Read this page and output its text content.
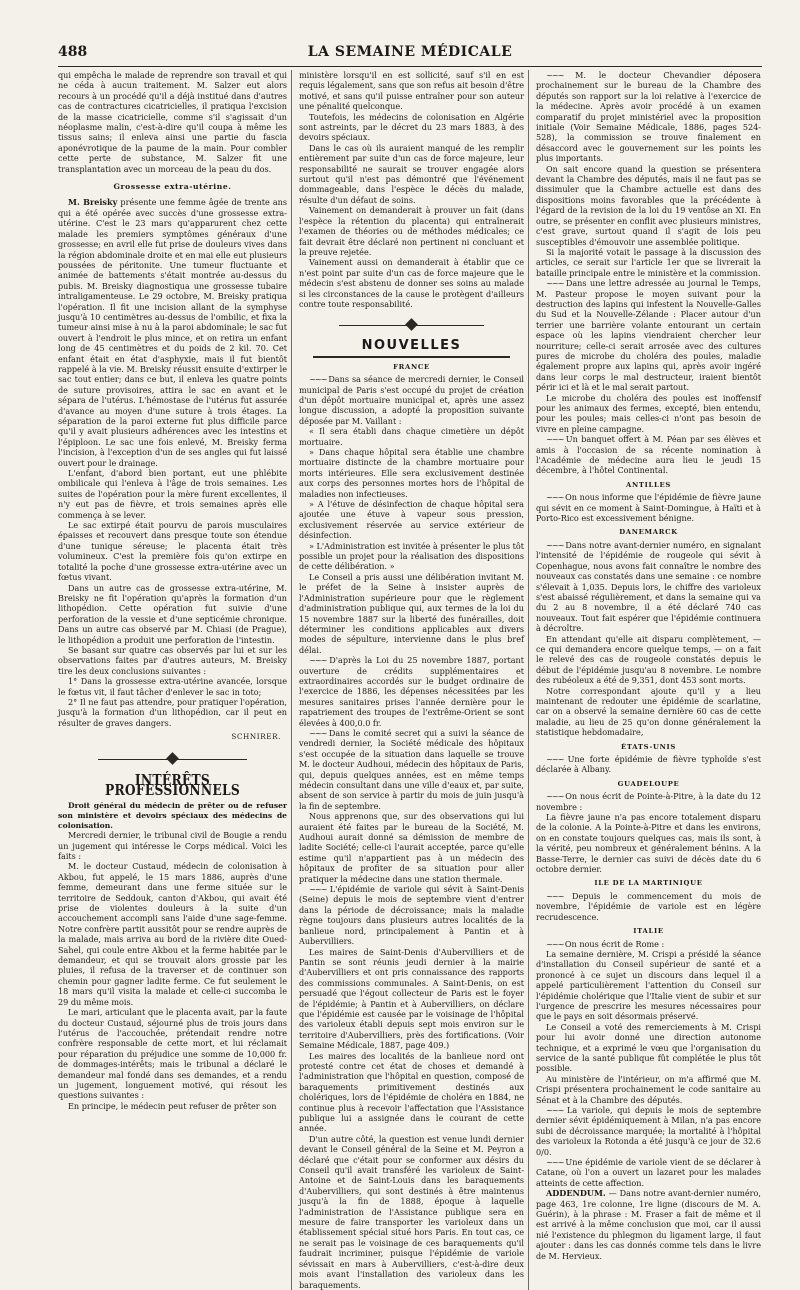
488	LA SEMAINE MÉDICALE

qui empêcha le malade de reprendre son travail et qui ne céda à aucun traitement. M. Salzer eut alors recours à un procédé qu'il a déjà institué dans d'autres cas de contractures cicatricielles, il pratiqua l'excision de la masse cicatricielle, comme s'il s'agissait d'un néoplasme malin, c'est-à-dire qu'il coupa à même les tissus sains; il enleva ainsi une partie du fascia aponévrotique de la paume de la main. Pour combler cette perte de substance, M. Salzer fit une transplantation avec un morceau de la peau du dos.

Grossesse extra-utérine.

M. Breisky présente une femme âgée de trente ans qui a été opérée avec succès d'une grossesse extra-utérine. C'est le 23 mars qu'apparurent chez cette malade les premiers symptômes généraux d'une grossesse; en avril elle fut prise de douleurs vives dans la région abdominale droite et en mai elle eut plusieurs poussées de péritonite. Une tumeur fluctuante et animée de battements s'était montrée au-dessus du pubis. M. Breisky diagnostiqua une grossesse tubaire intraligamenteuse. Le 29 octobre, M. Breisky pratiqua l'opération. Il fit une incision allant de la symphyse jusqu'à 10 centimètres au-dessus de l'ombilic, et fixa la tumeur ainsi mise à nu à la paroi abdominale; le sac fut ouvert à l'endroit le plus mince, et on retira un enfant long de 45 centimètres et du poids de 2 kil. 70. Cet enfant était en état d'asphyxie, mais il fut bientôt rappelé à la vie. M. Breisky réussit ensuite d'extirper le sac tout entier; dans ce but, il enleva les quatre points de suture provisoires, attira le sac en avant et le sépara de l'utérus. L'hémostase de l'utérus fut assurée d'avance au moyen d'une suture à trois étages. La séparation de la paroi externe fut plus difficile parce qu'il y avait plusieurs adhérences avec les intestins et l'épiploon. Le sac une fois enlevé, M. Breisky ferma l'incision, à l'exception d'un de ses angles qui fut laissé ouvert pour le drainage.

L'enfant, d'abord bien portant, eut une phlébite ombilicale qui l'enleva à l'âge de trois semaines. Les suites de l'opération pour la mère furent excellentes, il n'y eut pas de fièvre, et trois semaines après elle commença à se lever.

Le sac extirpé était pourvu de parois musculaires épaisses et recouvert dans presque toute son étendue d'une tunique séreuse; le placenta était très volumineux. C'est la première fois qu'on extirpe en totalité la poche d'une grossesse extra-utérine avec un fœtus vivant.

Dans un autre cas de grossesse extra-utérine, M. Breisky ne fit l'opération qu'après la formation d'un lithopédion. Cette opération fut suivie d'une perforation de la vessie et d'une septicémie chronique. Dans un autre cas observé par M. Chiasi (de Prague), le lithopédion a produit une perforation de l'intestin.

Se basant sur quatre cas observés par lui et sur les observations faites par d'autres auteurs, M. Breisky tire les deux conclusions suivantes :

1° Dans la grossesse extra-utérine avancée, lorsque le fœtus vit, il faut tâcher d'enlever le sac in toto;

2° Il ne faut pas attendre, pour pratiquer l'opération, jusqu'à la formation d'un lithopédion, car il peut en résulter de graves dangers.

SCHNIRER.
INTÉRÊTS PROFESSIONNELS

Droit général du médecin de prêter ou de refuser son ministère et devoirs spéciaux des médecins de colonisation.

Mercredi dernier, le tribunal civil de Bougie a rendu un jugement qui intéresse le Corps médical. Voici les faits :

M. le docteur Custaud, médecin de colonisation à Akbou, fut appelé, le 15 mars 1886, auprès d'une femme, demeurant dans une ferme située sur le territoire de Seddouk, canton d'Akbou, qui avait été prise de violentes douleurs à la suite d'un accouchement accompli sans l'aide d'une sage-femme. Notre confrère partit aussitôt pour se rendre auprès de la malade, mais arriva au bord de la rivière dite Oued-Sahel, qui coule entre Akbou et la ferme habitée par le demandeur, et qui se trouvait alors grossie par les pluies, il refusa de la traverser et de continuer son chemin pour gagner ladite ferme. Ce fut seulement le 18 mars qu'il visita la malade et celle-ci succomba le 29 du même mois.

Le mari, articulant que le placenta avait, par la faute du docteur Custaud, séjourné plus de trois jours dans l'utérus de l'accouchée, prétendait rendre notre confrère responsable de cette mort, et lui réclamait pour réparation du préjudice une somme de 10,000 fr. de dommages-intérêts; mais le tribunal a déclaré le demandeur mal fondé dans ses demandes, et a rendu un jugement, longuement motivé, qui résout les questions suivantes :

En principe, le médecin peut refuser de prêter son

ministère lorsqu'il en est sollicité, sauf s'il en est requis légalement, sans que son refus ait besoin d'être motivé, et sans qu'il puisse entraîner pour son auteur une pénalité quelconque.

Toutefois, les médecins de colonisation en Algérie sont astreints, par le décret du 23 mars 1883, à des devoirs spéciaux.

Dans le cas où ils auraient manqué de les remplir entièrement par suite d'un cas de force majeure, leur responsabilité ne saurait se trouver engagée alors surtout qu'il n'est pas démontré que l'événement dommageable, dans l'espèce le décès du malade, résulte d'un défaut de soins.

Vainement on demanderait à prouver un fait (dans l'espèce la rétention du placenta) qui entraînerait l'examen de théories ou de méthodes médicales; ce fait devrait être déclaré non pertinent ni concluant et la preuve rejetée.

Vainement aussi on demanderait à établir que ce n'est point par suite d'un cas de force majeure que le médecin s'est abstenu de donner ses soins au malade si les circonstances de la cause le protègent d'ailleurs contre toute responsabilité.

NOUVELLES
FRANCE

~~~ Dans sa séance de mercredi dernier, le Conseil municipal de Paris s'est occupé du projet de création d'un dépôt mortuaire municipal et, après une assez longue discussion, a adopté la proposition suivante déposée par M. Vaillant :

« Il sera établi dans chaque cimetière un dépôt mortuaire.

» Dans chaque hôpital sera établie une chambre mortuaire distincte de la chambre mortuaire pour morts intérieures. Elle sera exclusivement destinée aux corps des personnes mortes hors de l'hôpital de maladies non infectieuses.

» A l'étuve de désinfection de chaque hôpital sera ajoutée une étuve à vapeur sous pression, exclusivement réservée au service extérieur de désinfection.

» L'Administration est invitée à présenter le plus tôt possible un projet pour la réalisation des dispositions de cette délibération. »

Le Conseil a pris aussi une délibération invitant M. le préfet de la Seine à insister auprès de l'Administration supérieure pour que le règlement d'administration publique qui, aux termes de la loi du 15 novembre 1887 sur la liberté des funérailles, doit déterminer les conditions applicables aux divers modes de sépulture, intervienne dans le plus bref délai.

~~~ D'après la Loi du 25 novembre 1887, portant ouverture de crédits supplémentaires et extraordinaires accordés sur le budget ordinaire de l'exercice de 1886, les dépenses nécessitées par les mesures sanitaires prises l'année dernière pour le rapatriement des troupes de l'extrême-Orient se sont élevées à 400,0.0 fr.

~~~ Dans le comité secret qui a suivi la séance de vendredi dernier, la Société médicale des hôpitaux s'est occupée de la situation dans laquelle se trouve M. le docteur Audhoui, médecin des hôpitaux de Paris, qui, depuis quelques années, est en même temps médecin consultant dans une ville d'eaux et, par suite, absent de son service à partir du mois de juin jusqu'à la fin de septembre.

Nous apprenons que, sur des observations qui lui auraient été faites par le bureau de la Société, M. Audhoui aurait donné sa démission de membre de ladite Société; celle-ci l'aurait acceptée, parce qu'elle estime qu'il n'appartient pas à un médecin des hôpitaux de profiter de sa situation pour aller pratiquer la médecine dans une station thermale.

~~~ L'épidémie de variole qui sévit à Saint-Denis (Seine) depuis le mois de septembre vient d'entrer dans la période de décroissance; mais la maladie règne toujours dans plusieurs autres localités de la banlieue nord, principalement à Pantin et à Aubervilliers.

Les maires de Saint-Denis d'Aubervilliers et de Pantin se sont réunis jeudi dernier à la mairie d'Aubervilliers et ont pris connaissance des rapports des commissions communales. A Saint-Denis, on est persuadé que l'égout collecteur de Paris est le foyer de l'épidémie; à Pantin et à Aubervilliers, on déclare que l'épidémie est causée par le voisinage de l'hôpital des varioleux établi depuis sept mois environ sur le territoire d'Aubervilliers, près des fortifications. (Voir Semaine Médicale, 1887, page 409.)

Les maires des localités de la banlieue nord ont protesté contre cet état de choses et demandé à l'administration que l'hôpital en question, composé de baraquements primitivement destinés aux cholériques, lors de l'épidémie de choléra en 1884, ne continue plus à recevoir l'affectation que l'Assistance publique lui a assignée dans le courant de cette année.

D'un autre côté, la question est venue lundi dernier devant le Conseil général de la Seine et M. Peyron a déclaré que c'était pour se conformer aux désirs du Conseil qu'il avait transféré les varioleux de Saint-Antoine et de Saint-Louis dans les baraquements d'Aubervilliers, qui sont destinés à être maintenus jusqu'à la fin de 1888, époque à laquelle l'administration de l'Assistance publique sera en mesure de faire transporter les varioleux dans un établissement spécial situé hors Paris. En tout cas, ce ne serait pas le voisinage de ces baraquements qu'il faudrait incriminer, puisque l'épidémie de variole sévissait en mars à Aubervilliers, c'est-à-dire deux mois avant l'installation des varioleux dans les baraquements.

~~~ M. le docteur Chevandier déposera prochainement sur le bureau de la Chambre des députés son rapport sur la loi relative à l'exercice de la médecine. Après avoir procédé à un examen comparatif du projet ministériel avec la proposition initiale (Voir Semaine Médicale, 1886, pages 524-528), la commission se trouve finalement en désaccord avec le gouvernement sur les points les plus importants.

On sait encore quand la question se présentera devant la Chambre des députés, mais il ne faut pas se dissimuler que la Chambre actuelle est dans des dispositions moins favorables que la précédente à l'égard de la revision de la loi du 19 ventôse an XI. En outre, se présenter en conflit avec plusieurs ministres, c'est grave, surtout quand il s'agit de lois peu susceptibles d'émouvoir une assemblée politique.

Si la majorité votait le passage à la discussion des articles, ce serait sur l'article 1er que se livrerait la bataille principale entre le ministère et la commission.

~~~ Dans une lettre adressée au journal le Temps, M. Pasteur propose le moyen suivant pour la destruction des lapins qui infestent la Nouvelle-Galles du Sud et la Nouvelle-Zélande : Placer autour d'un terrier une barrière volante entourant un certain espace où les lapins viendraient chercher leur nourriture; celle-ci serait arrosée avec des cultures pures de microbe du choléra des poules, maladie également propre aux lapins qui, après avoir ingéré dans leur corps le mal destructeur, iraient bientôt périr ici et là et le mal serait partout.

Le microbe du choléra des poules est inoffensif pour les animaux des fermes, excepté, bien entendu, pour les poules; mais celles-ci n'ont pas besoin de vivre en pleine campagne.

~~~ Un banquet offert à M. Péan par ses élèves et amis à l'occasion de sa récente nomination à l'Académie de médecine aura lieu le jeudi 15 décembre, à l'hôtel Continental.

ANTILLES

~~~ On nous informe que l'épidémie de fièvre jaune qui sévit en ce moment à Saint-Domingue, à Haïti et à Porto-Rico est excessivement bénigne.

DANEMARCK

~~~ Dans notre avant-dernier numéro, en signalant l'intensité de l'épidémie de rougeole qui sévit à Copenhague, nous avons fait connaître le nombre des nouveaux cas constatés dans une semaine : ce nombre s'élevait à 1,035. Depuis lors, le chiffre des varioleux s'est abaissé régulièrement, et dans la semaine qui va du 2 au 8 novembre, il a été déclaré 740 cas nouveaux. Tout fait espérer que l'épidémie continuera à décroître.

En attendant qu'elle ait disparu complètement, — ce qui demandera encore quelque temps, — on a fait le relevé des cas de rougeole constatés depuis le début de l'épidémie jusqu'au 8 novembre. Le nombre des rubéoleux a été de 9,351, dont 453 sont morts.

Notre correspondant ajoute qu'il y a lieu maintenant de redouter une épidémie de scarlatine, car on a observé la semaine dernière 60 cas de cette maladie, au lieu de 25 qu'on donne généralement la statistique hebdomadaire,

ÉTATS-UNIS

~~~ Une forte épidémie de fièvre typhoïde s'est déclarée à Albany.

GUADELOUPE

~~~ On nous écrit de Pointe-à-Pitre, à la date du 12 novembre :

La fièvre jaune n'a pas encore totalement disparu de la colonie. A la Pointe-à-Pitre et dans les environs, on en constate toujours quelques cas, mais ils sont, à la vérité, peu nombreux et généralement bénins. A la Basse-Terre, le dernier cas suivi de décès date du 6 octobre dernier.

ILE DE LA MARTINIQUE

~~~ Depuis le commencement du mois de novembre, l'épidémie de variole est en légère recrudescence.

ITALIE

~~~ On nous écrit de Rome :

La semaine dernière, M. Crispi a présidé la séance d'installation du Conseil supérieur de santé et a prononcé à ce sujet un discours dans lequel il a appelé particulièrement l'attention du Conseil sur l'épidémie cholérique que l'Italie vient de subir et sur l'urgence de prescrire les mesures nécessaires pour que le pays en soit désormais préservé.

Le Conseil a voté des remerciements à M. Crispi pour lui avoir donné une direction autonome technique, et a exprimé le vœu que l'organisation du service de la santé publique fût complétée le plus tôt possible.

Au ministère de l'intérieur, on m'a affirmé que M. Crispi présentera prochainement le code sanitaire au Sénat et à la Chambre des députés.

~~~ La variole, qui depuis le mois de septembre dernier sévit épidémiquement à Milan, n'a pas encore subi de décroissance marquée; la mortalité à l'hôpital des varioleux la Rotonda a été jusqu'à ce jour de 32.6 0/0.

~~~ Une épidémie de variole vient de se déclarer à Catane, où l'on a ouvert un lazaret pour les malades atteints de cette affection.

ADDENDUM. — Dans notre avant-dernier numéro, page 463, 1re colonne, 1re ligne (discours de M. A. Guérin), à la phrase : M. Fraser a fait de même et il est arrivé à la même conclusion que moi, car il aussi nié l'existence du phlegmon du ligament large, il faut ajouter : dans les cas donnés comme tels dans le livre de M. Hervieux.
